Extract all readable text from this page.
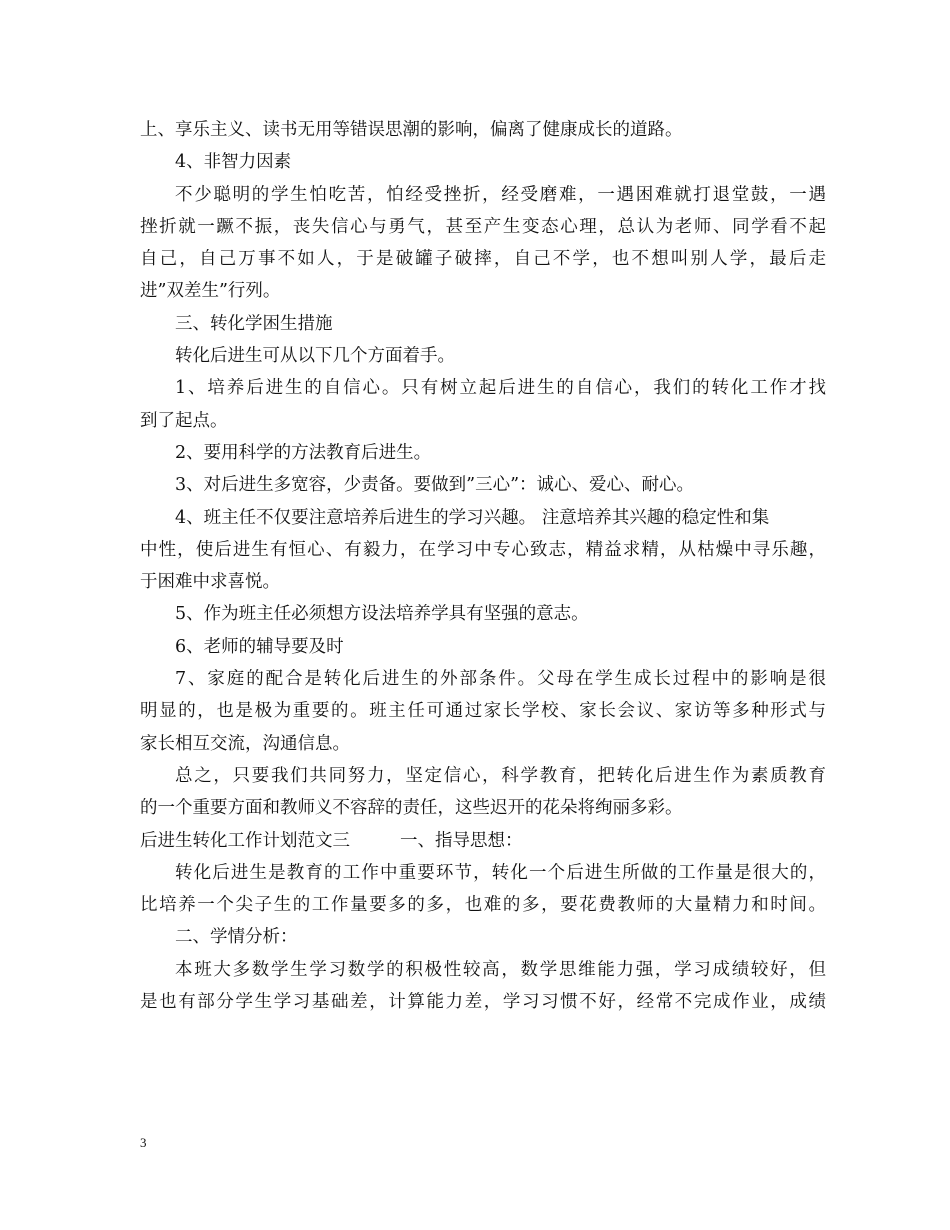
上、享乐主义、读书无用等错误思潮的影响，偏离了健康成长的道路。
4、非智力因素
不少聪明的学生怕吃苦，怕经受挫折，经受磨难，一遇困难就打退堂鼓，一遇
挫折就一蹶不振，丧失信心与勇气，甚至产生变态心理，总认为老师、同学看不起
自己，自己万事不如人，于是破罐子破摔，自己不学，也不想叫别人学，最后走
进”双差生”行列。
三、转化学困生措施
转化后进生可从以下几个方面着手。
1、培养后进生的自信心。只有树立起后进生的自信心，我们的转化工作才找
到了起点。
2、要用科学的方法教育后进生。
3、对后进生多宽容，少责备。要做到”三心”：诚心、爱心、耐心。
4、班主任不仅要注意培养后进生的学习兴趣。 注意培养其兴趣的稳定性和集
中性，使后进生有恒心、有毅力，在学习中专心致志，精益求精，从枯燥中寻乐趣，
于困难中求喜悦。
5、作为班主任必须想方设法培养学具有坚强的意志。
6、老师的辅导要及时
7、家庭的配合是转化后进生的外部条件。父母在学生成长过程中的影响是很
明显的，也是极为重要的。班主任可通过家长学校、家长会议、家访等多种形式与
家长相互交流，沟通信息。
总之，只要我们共同努力，坚定信心，科学教育，把转化后进生作为素质教育
的一个重要方面和教师义不容辞的责任，这些迟开的花朵将绚丽多彩。
后进生转化工作计划范文三	一、指导思想：
转化后进生是教育的工作中重要环节，转化一个后进生所做的工作量是很大的，
比培养一个尖子生的工作量要多的多，也难的多，要花费教师的大量精力和时间。
二、学情分析：
本班大多数学生学习数学的积极性较高，数学思维能力强，学习成绩较好，但
是也有部分学生学习基础差，计算能力差，学习习惯不好，经常不完成作业，成绩
3
